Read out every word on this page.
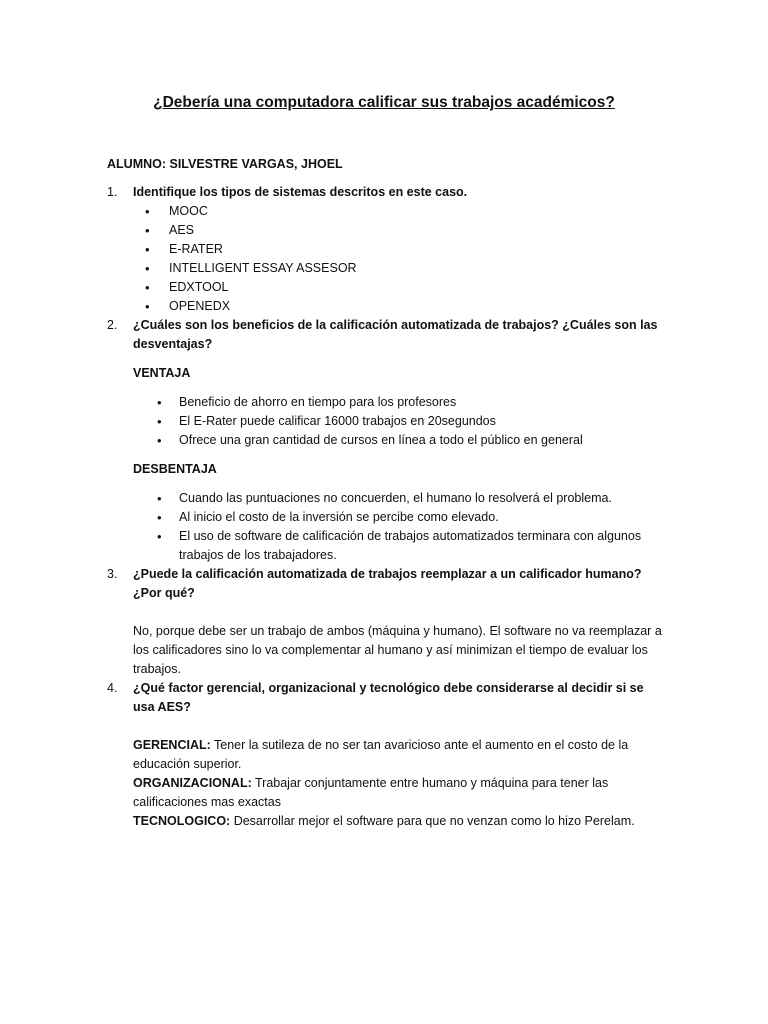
¿Debería una computadora calificar sus trabajos académicos?

ALUMNO: SILVESTRE VARGAS, JHOEL

1. Identifique los tipos de sistemas descritos en este caso.

• MOOC
• AES
• E-RATER
• INTELLIGENT ESSAY ASSESOR
• EDXTOOL
• OPENEDX
2. ¿Cuáles son los beneficios de la calificación automatizada de trabajos? ¿Cuáles son las desventajas?

VENTAJA

• Beneficio de ahorro en tiempo para los profesores
• El E-Rater puede calificar 16000 trabajos en 20segundos
• Ofrece una gran cantidad de cursos en línea a todo el público en general

DESBENTAJA

• Cuando las puntuaciones no concuerden, el humano lo resolverá el problema.
• Al inicio el costo de la inversión se percibe como elevado.
• El uso de software de calificación de trabajos automatizados terminara con algunos trabajos de los trabajadores.
3. ¿Puede la calificación automatizada de trabajos reemplazar a un calificador humano? ¿Por qué?

No, porque debe ser un trabajo de ambos (máquina y humano). El software no va reemplazar a los calificadores sino lo va complementar al humano y así minimizan el tiempo de evaluar los trabajos.

4. ¿Qué factor gerencial, organizacional y tecnológico debe considerarse al decidir si se usa AES?

GERENCIAL: Tener la sutileza de no ser tan avaricioso ante el aumento en el costo de la educación superior.

ORGANIZACIONAL: Trabajar conjuntamente entre humano y máquina para tener las calificaciones mas exactas

TECNOLOGICO: Desarrollar mejor el software para que no venzan como lo hizo Perelam.
